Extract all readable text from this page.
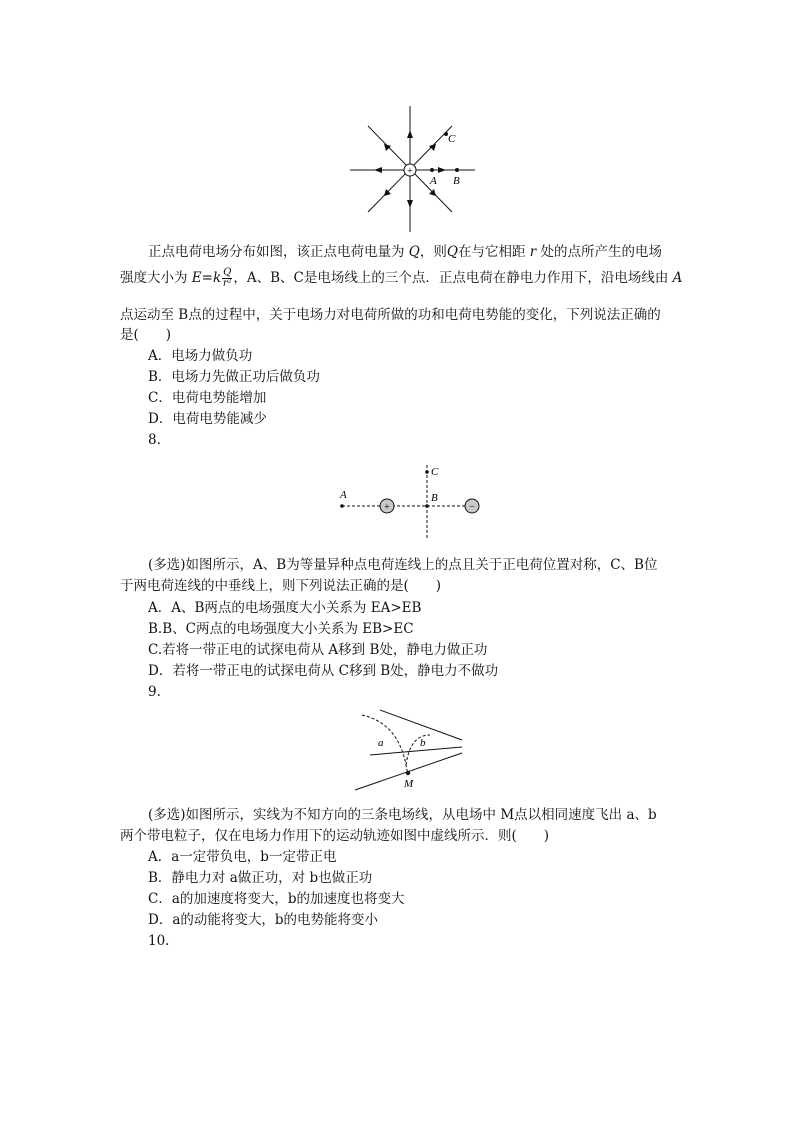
+
C
A B
正点电荷电场分布如图，该正点电荷电量为 Q，则Q在与它相距 r 处的点所产生的电场
强度大小为 $E=k \frac{Q}{\text{r²}}$ ，A、B、C是电场线上的三个点．正点电荷在静电力作用下，沿电场线由 A
点运动至 B点的过程中，关于电场力对电荷所做的功和电荷电势能的变化，下列说法正确的
是(　　)
A．电场力做负功
B．电场力先做正功后做负功
C．电荷电势能增加
D．电荷电势能减少
8.
+	−
A	B
C
(多选)如图所示，A、B为等量异种点电荷连线上的点且关于正电荷位置对称，C、B位
于两电荷连线的中垂线上，则下列说法正确的是(　　)
A．A、B两点的电场强度大小关系为 EA>EB
B.B、C两点的电场强度大小关系为 EB>EC
C.若将一带正电的试探电荷从 A移到 B处，静电力做正功
D．若将一带正电的试探电荷从 C移到 B处，静电力不做功
9.
a	b
M
(多选)如图所示，实线为不知方向的三条电场线，从电场中 M点以相同速度飞出 a、b
两个带电粒子，仅在电场力作用下的运动轨迹如图中虚线所示．则(　　)
A．a一定带负电，b一定带正电
B．静电力对 a做正功，对 b也做正功
C．a的加速度将变大，b的加速度也将变大
D．a的动能将变大，b的电势能将变小
10.
